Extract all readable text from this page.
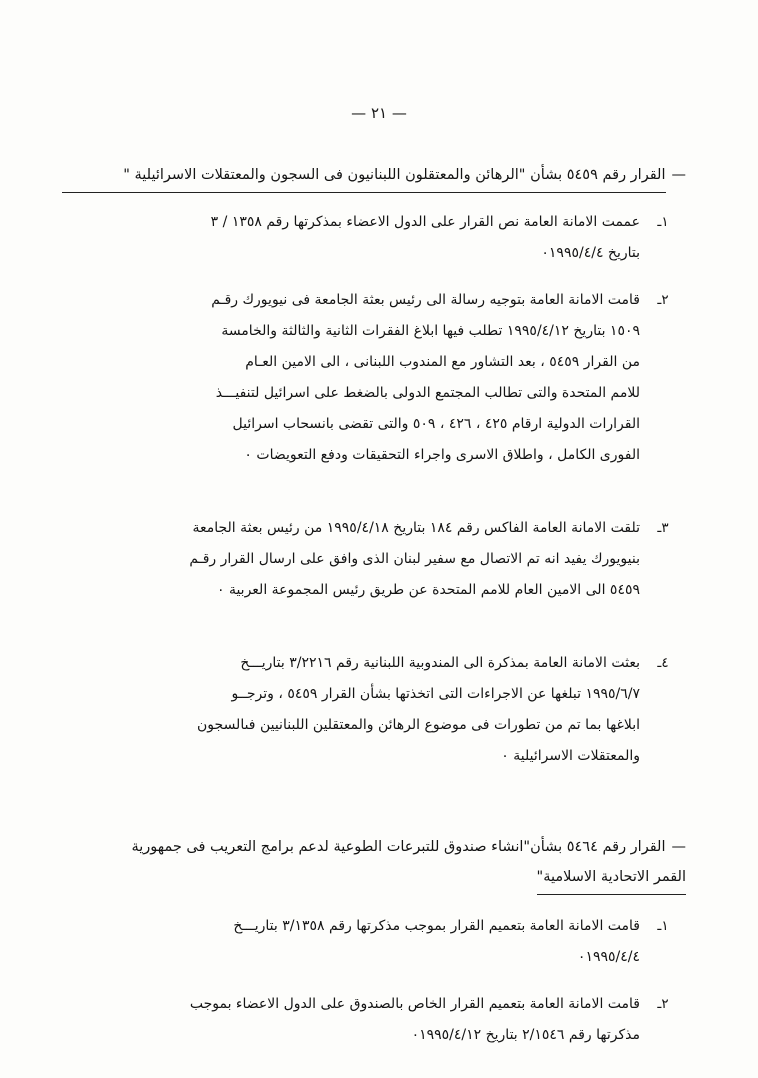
— ٢١ —
—
القرار رقم ٥٤٥٩ بشأن "الرهائن والمعتقلون اللبنانيون فى السجون والمعتقلات الاسرائيلية "
١ـ

عممت الامانة العامة نص القرار على الدول الاعضاء بمذكرتها رقم ١٣٥٨ / ٣

بتاريخ ٠١٩٩٥/٤/٤

٢ـ

قامت الامانة العامة بتوجيه رسالة الى رئيس بعثة الجامعة فى نيويورك رقـم

١٥٠٩ بتاريخ ١٩٩٥/٤/١٢ تطلب فيها ابلاغ الفقرات الثانية والثالثة والخامسة

من القرار ٥٤٥٩ ، بعد التشاور مع المندوب اللبنانى ، الى الامين العـام

للامم المتحدة والتى تطالب المجتمع الدولى بالضغط على اسرائيل لتنفيـــذ

القرارات الدولية ارقام ٤٢٥ ، ٤٢٦ ، ٥٠٩ والتى تقضى بانسحاب اسرائيل

الفورى الكامل ، واطلاق الاسرى واجراء التحقيقات ودفع التعويضات ٠

٣ـ

تلقت الامانة العامة الفاكس رقم ١٨٤ بتاريخ ١٩٩٥/٤/١٨ من رئيس بعثة الجامعة

بنيويورك يفيد انه تم الاتصال مع سفير لبنان الذى وافق على ارسال القرار رقـم

٥٤٥٩ الى الامين العام للامم المتحدة عن طريق رئيس المجموعة العربية ٠

٤ـ

بعثت الامانة العامة بمذكرة الى المندوبية اللبنانية رقم ٣/٢٢١٦ بتاريـــخ

١٩٩٥/٦/٧ تبلغها عن الاجراءات التى اتخذتها بشأن القرار ٥٤٥٩ ، وترجــو

ابلاغها بما تم من تطورات فى موضوع الرهائن والمعتقلين اللبنانيين فىالسجون

والمعتقلات الاسرائيلية ٠

—
القرار رقم ٥٤٦٤ بشأن"انشاء صندوق للتبرعات الطوعية لدعم برامج التعريب فى جمهورية
القمر الاتحادية الاسلامية"
١ـ

قامت الامانة العامة بتعميم القرار بموجب مذكرتها رقم ٣/١٣٥٨ بتاريـــخ

٠١٩٩٥/٤/٤

٢ـ

قامت الامانة العامة بتعميم القرار الخاص بالصندوق على الدول الاعضاء بموجب

مذكرتها رقم ٢/١٥٤٦ بتاريخ ٠١٩٩٥/٤/١٢
